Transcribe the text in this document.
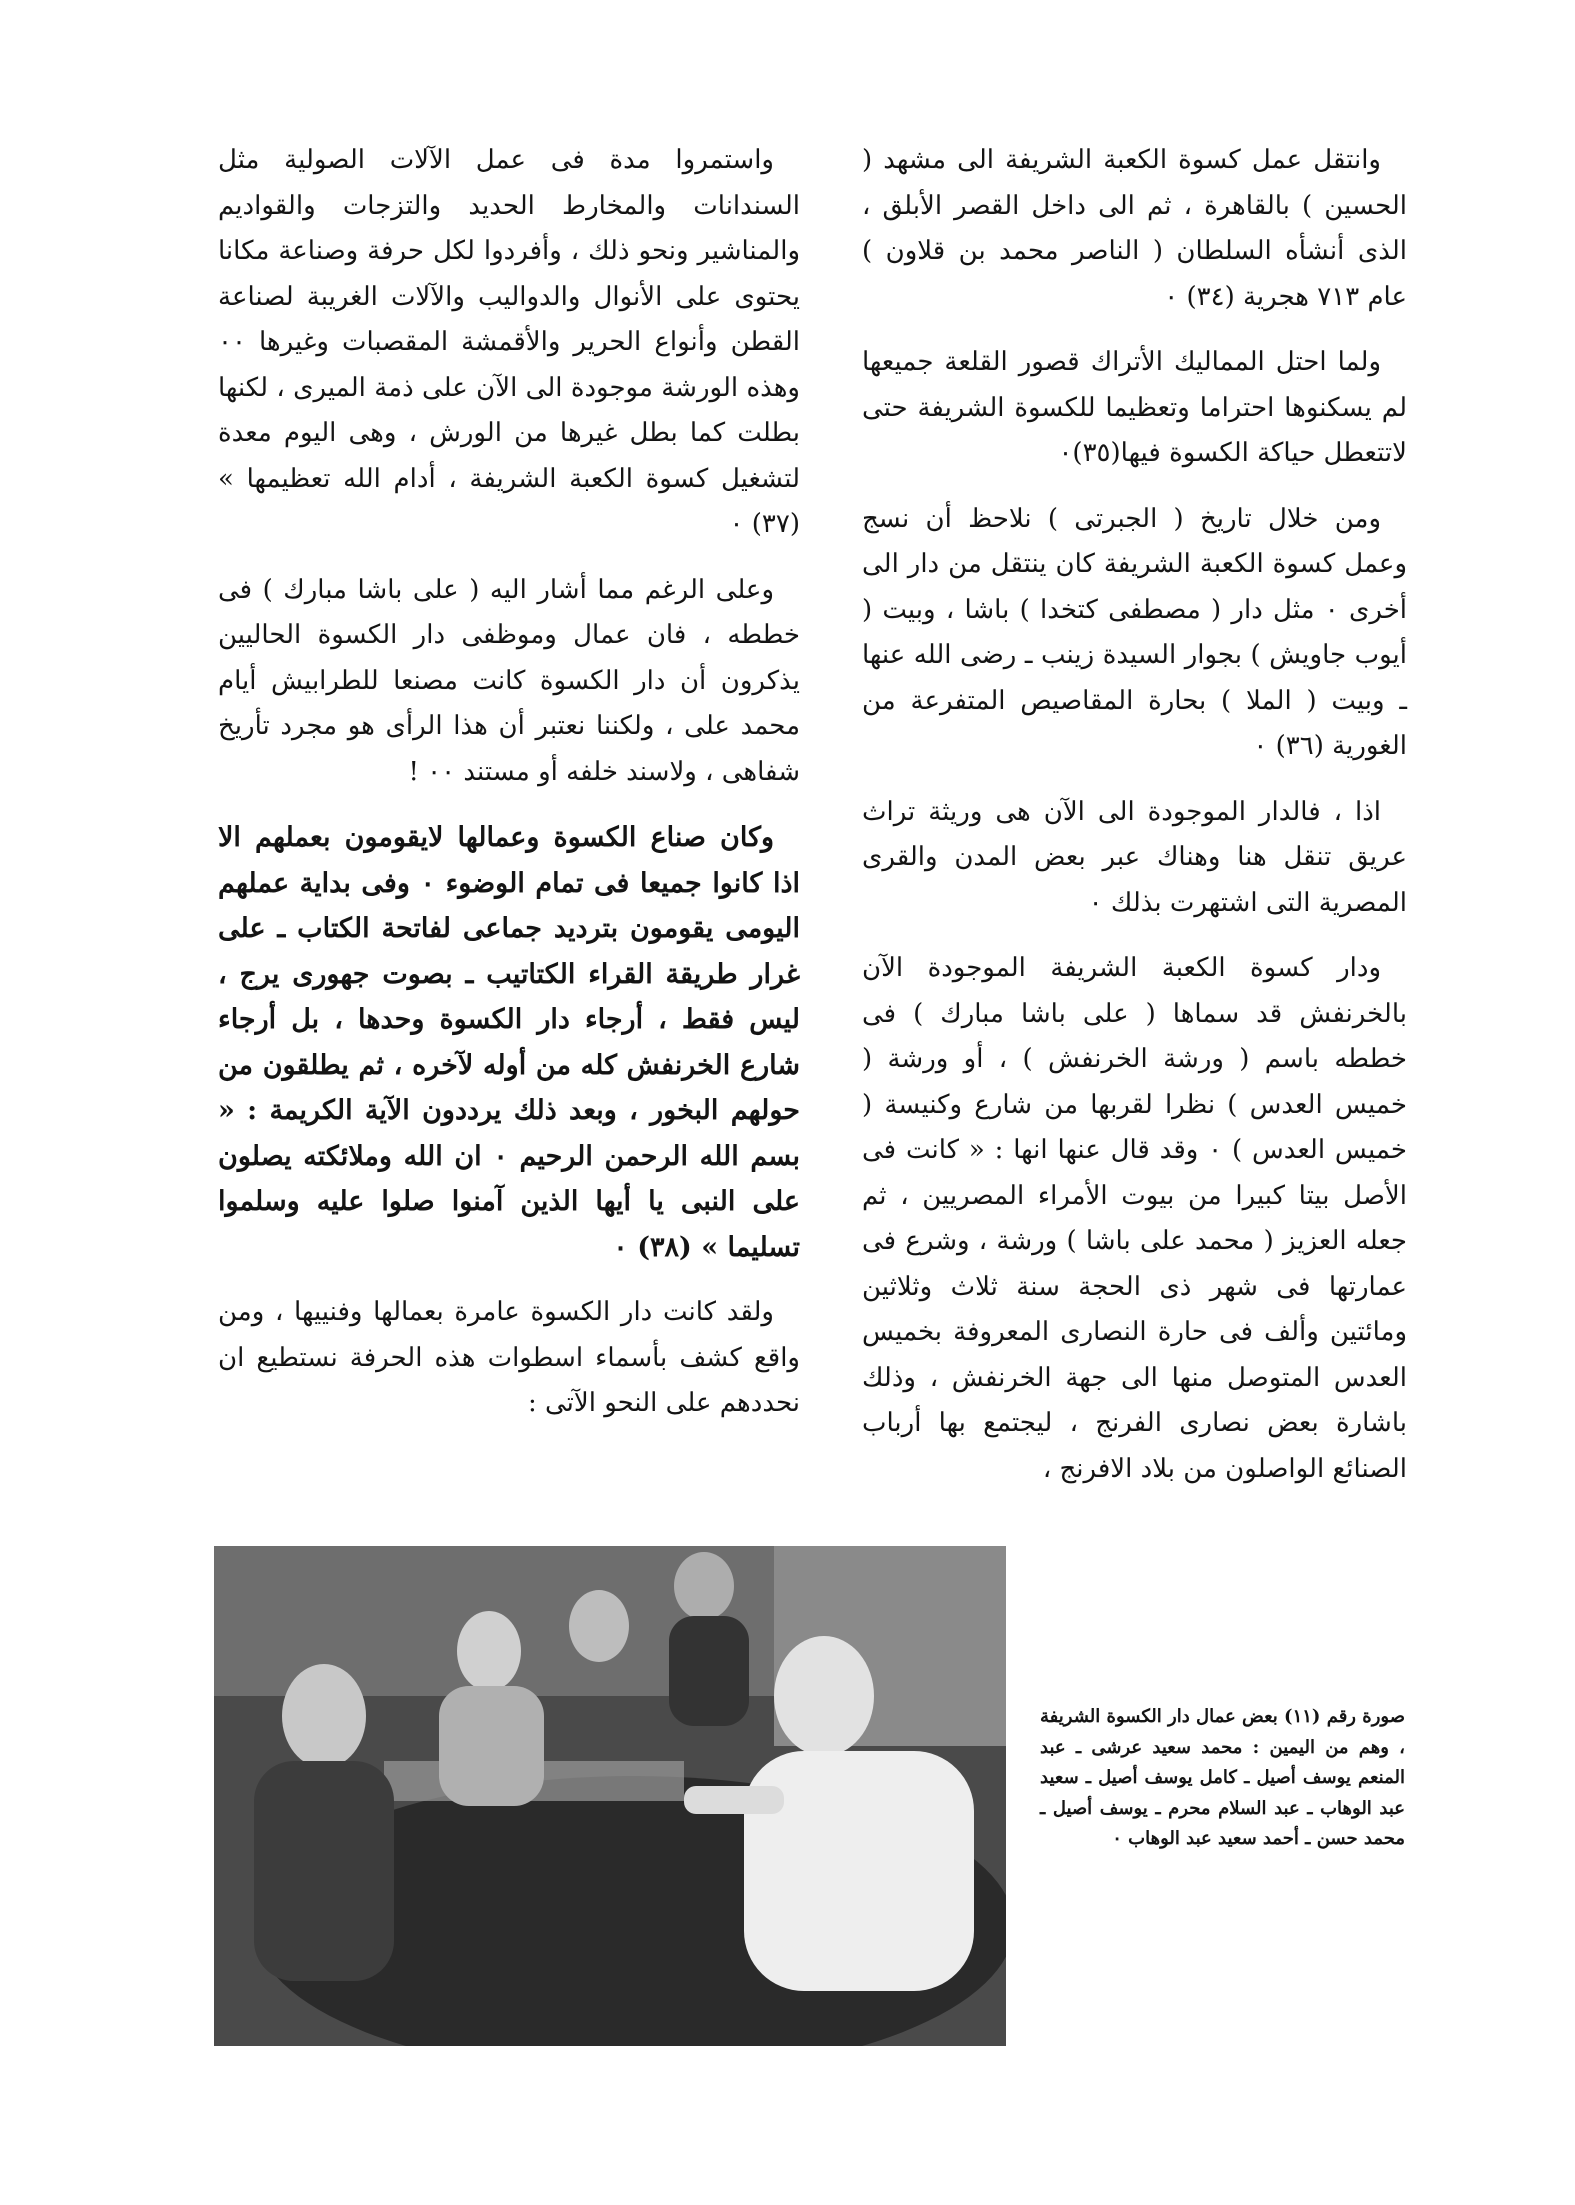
وانتقل عمل كسوة الكعبة الشريفة الى مشهد ( الحسين ) بالقاهرة ، ثم الى داخل القصر الأبلق ، الذى أنشأه السلطان ( الناصر محمد بن قلاون ) عام ٧١٣ هجرية (٣٤) ٠

ولما احتل المماليك الأتراك قصور القلعة جميعها لم يسكنوها احتراما وتعظيما للكسوة الشريفة حتى لاتتعطل حياكة الكسوة فيها(٣٥)٠

ومن خلال تاريخ ( الجبرتى ) نلاحظ أن نسج وعمل كسوة الكعبة الشريفة كان ينتقل من دار الى أخرى ٠ مثل دار ( مصطفى كتخدا ) باشا ، وبيت ( أيوب جاويش ) بجوار السيدة زينب ـ رضى الله عنها ـ وبيت ( الملا ) بحارة المقاصيص المتفرعة من الغورية (٣٦) ٠

اذا ، فالدار الموجودة الى الآن هى وريثة تراث عريق تنقل هنا وهناك عبر بعض المدن والقرى المصرية التى اشتهرت بذلك ٠

ودار كسوة الكعبة الشريفة الموجودة الآن بالخرنفش قد سماها ( على باشا مبارك ) فى خططه باسم ( ورشة الخرنفش ) ، أو ورشة ( خميس العدس ) نظرا لقربها من شارع وكنيسة ( خميس العدس ) ٠ وقد قال عنها انها : « كانت فى الأصل بيتا كبيرا من بيوت الأمراء المصريين ، ثم جعله العزيز ( محمد على باشا ) ورشة ، وشرع فى عمارتها فى شهر ذى الحجة سنة ثلاث وثلاثين ومائتين وألف فى حارة النصارى المعروفة بخميس العدس المتوصل منها الى جهة الخرنفش ، وذلك باشارة بعض نصارى الفرنج ، ليجتمع بها أرباب الصنائع الواصلون من بلاد الافرنج ،

واستمروا مدة فى عمل الآلات الصولية مثل السندانات والمخارط الحديد والتزجات والقواديم والمناشير ونحو ذلك ، وأفردوا لكل حرفة وصناعة مكانا يحتوى على الأنوال والدواليب والآلات الغريبة لصناعة القطن وأنواع الحرير والأقمشة المقصبات وغيرها ٠٠ وهذه الورشة موجودة الى الآن على ذمة الميرى ، لكنها بطلت كما بطل غيرها من الورش ، وهى اليوم معدة لتشغيل كسوة الكعبة الشريفة ، أدام الله تعظيمها » (٣٧) ٠

وعلى الرغم مما أشار اليه ( على باشا مبارك ) فى خططه ، فان عمال وموظفى دار الكسوة الحاليين يذكرون أن دار الكسوة كانت مصنعا للطرابيش أيام محمد على ، ولكننا نعتبر أن هذا الرأى هو مجرد تأريخ شفاهى ، ولاسند خلفه أو مستند ٠٠ !

وكان صناع الكسوة وعمالها لايقومون بعملهم الا اذا كانوا جميعا فى تمام الوضوء ٠ وفى بداية عملهم اليومى يقومون بترديد جماعى لفاتحة الكتاب ـ على غرار طريقة القراء الكتاتيب ـ بصوت جهورى يرج ، ليس فقط ، أرجاء دار الكسوة وحدها ، بل أرجاء شارع الخرنفش كله من أوله لآخره ، ثم يطلقون من حولهم البخور ، وبعد ذلك يرددون الآية الكريمة : « بسم الله الرحمن الرحيم ٠ ان الله وملائكته يصلون على النبى يا أيها الذين آمنوا صلوا عليه وسلموا تسليما » (٣٨) ٠

ولقد كانت دار الكسوة عامرة بعمالها وفنييها ، ومن واقع كشف بأسماء اسطوات هذه الحرفة نستطيع ان نحددهم على النحو الآتى :

صورة رقم (١١) بعض عمال دار الكسوة الشريفة ، وهم من اليمين : محمد سعيد عرشى ـ عبد المنعم يوسف أصيل ـ كامل يوسف أصيل ـ سعيد عبد الوهاب ـ عبد السلام محرم ـ يوسف أصيل ـ محمد حسن ـ أحمد سعيد عبد الوهاب ٠
